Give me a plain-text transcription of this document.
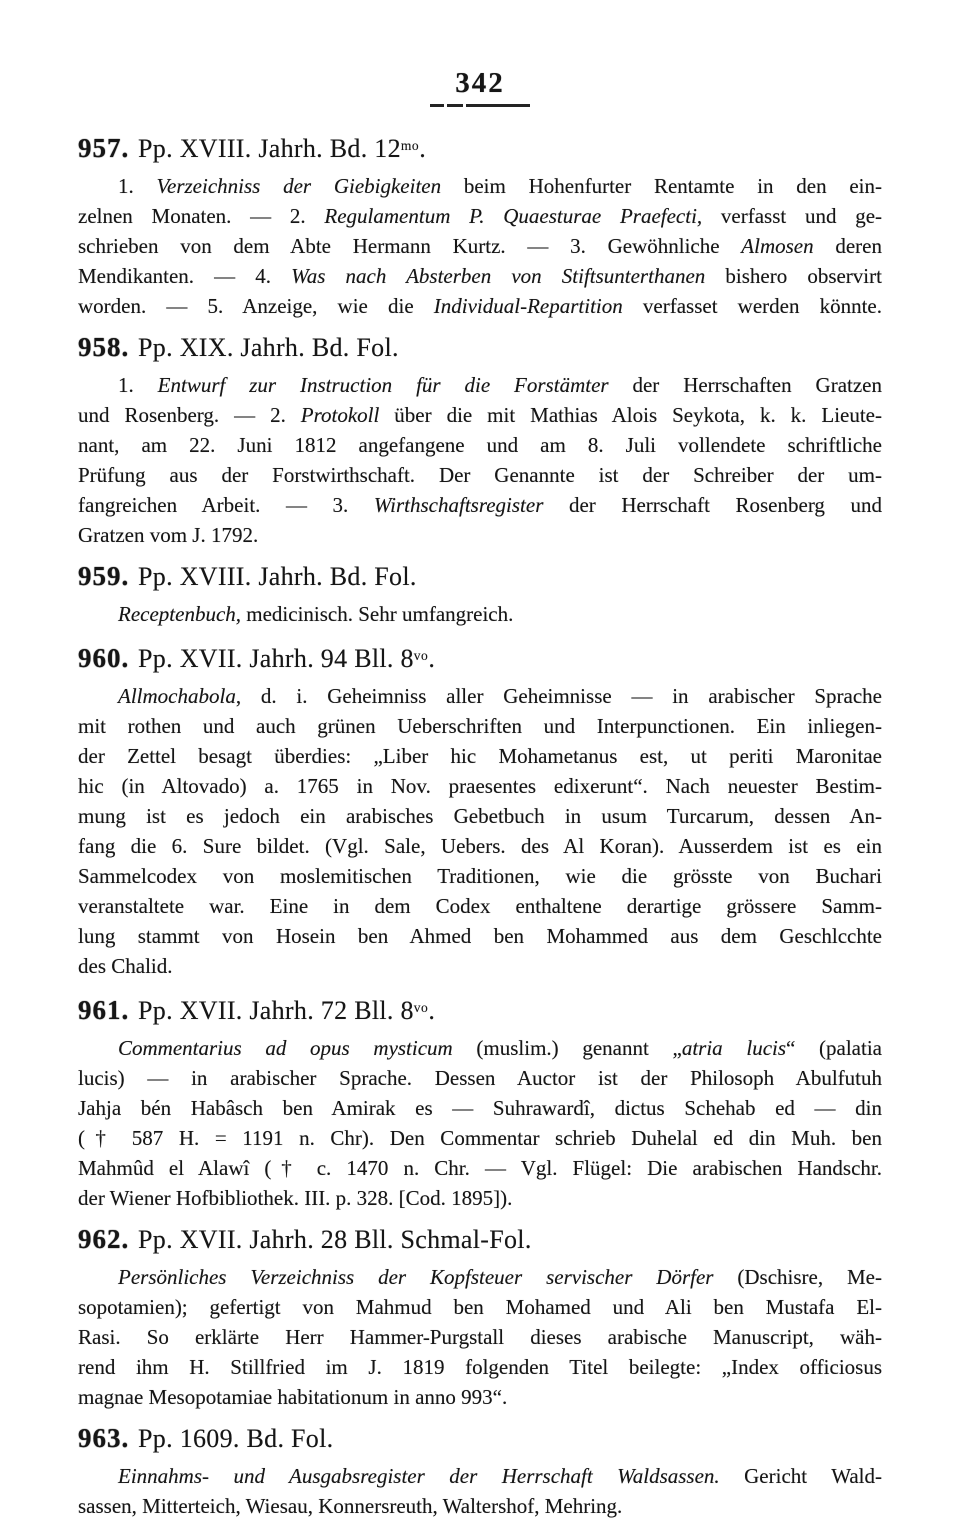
342
957. Pp. XVIII. Jahrh. Bd. $12^{mo}$.
1. Verzeichniss der Giebigkeiten beim Hohenfurter Rentamte in den ein-
zelnen Monaten. — 2. Regulamentum P. Quaesturae Praefecti, verfasst und ge-
schrieben von dem Abte Hermann Kurtz. — 3. Gewöhnliche Almosen deren
Mendikanten. — 4. Was nach Absterben von Stiftsunterthanen bishero observirt
worden. — 5. Anzeige, wie die Individual-Repartition verfasset werden könnte.
958. Pp. XIX. Jahrh. Bd. Fol.
1. Entwurf zur Instruction für die Forstämter der Herrschaften Gratzen
und Rosenberg. — 2. Protokoll über die mit Mathias Alois Seykota, k. k. Lieute-
nant, am 22. Juni 1812 angefangene und am 8. Juli vollendete schriftliche
Prüfung aus der Forstwirthschaft. Der Genannte ist der Schreiber der um-
fangreichen Arbeit. — 3. Wirthschaftsregister der Herrschaft Rosenberg und
Gratzen vom J. 1792.
959. Pp. XVIII. Jahrh. Bd. Fol.
Receptenbuch, medicinisch. Sehr umfangreich.
960. Pp. XVII. Jahrh. 94 Bll. $8^{vo}$.
Allmochabola, d. i. Geheimniss aller Geheimnisse — in arabischer Sprache
mit rothen und auch grünen Ueberschriften und Interpunctionen. Ein inliegen-
der Zettel besagt überdies: „Liber hic Mohametanus est, ut periti Maronitae
hic (in Altovado) a. 1765 in Nov. praesentes edixerunt“. Nach neuester Bestim-
mung ist es jedoch ein arabisches Gebetbuch in usum Turcarum, dessen An-
fang die 6. Sure bildet. (Vgl. Sale, Uebers. des Al Koran). Ausserdem ist es ein
Sammelcodex von moslemitischen Traditionen, wie die grösste von Buchari
veranstaltete war. Eine in dem Codex enthaltene derartige grössere Samm-
lung stammt von Hosein ben Ahmed ben Mohammed aus dem Geschlcchte
des Chalid.
961. Pp. XVII. Jahrh. 72 Bll. $8^{vo}$.
Commentarius ad opus mysticum (muslim.) genannt „atria lucis“ (palatia
lucis) — in arabischer Sprache. Dessen Auctor ist der Philosoph Abulfutuh
Jahja bén Habâsch ben Amirak es — Suhrawardî, dictus Schehab ed — din
(† 587 H. = 1191 n. Chr). Den Commentar schrieb Duhelal ed din Muh. ben
Mahmûd el Alawî († c. 1470 n. Chr. — Vgl. Flügel: Die arabischen Handschr.
der Wiener Hofbibliothek. III. p. 328. [Cod. 1895]).
962. Pp. XVII. Jahrh. 28 Bll. Schmal-Fol.
Persönliches Verzeichniss der Kopfsteuer servischer Dörfer (Dschisre, Me-
sopotamien); gefertigt von Mahmud ben Mohamed und Ali ben Mustafa El-
Rasi. So erklärte Herr Hammer-Purgstall dieses arabische Manuscript, wäh-
rend ihm H. Stillfried im J. 1819 folgenden Titel beilegte: „Index officiosus
magnae Mesopotamiae habitationum in anno 993“.
963. Pp. 1609. Bd. Fol.
Einnahms- und Ausgabsregister der Herrschaft Waldsassen. Gericht Wald-
sassen, Mitterteich, Wiesau, Konnersreuth, Waltershof, Mehring.
